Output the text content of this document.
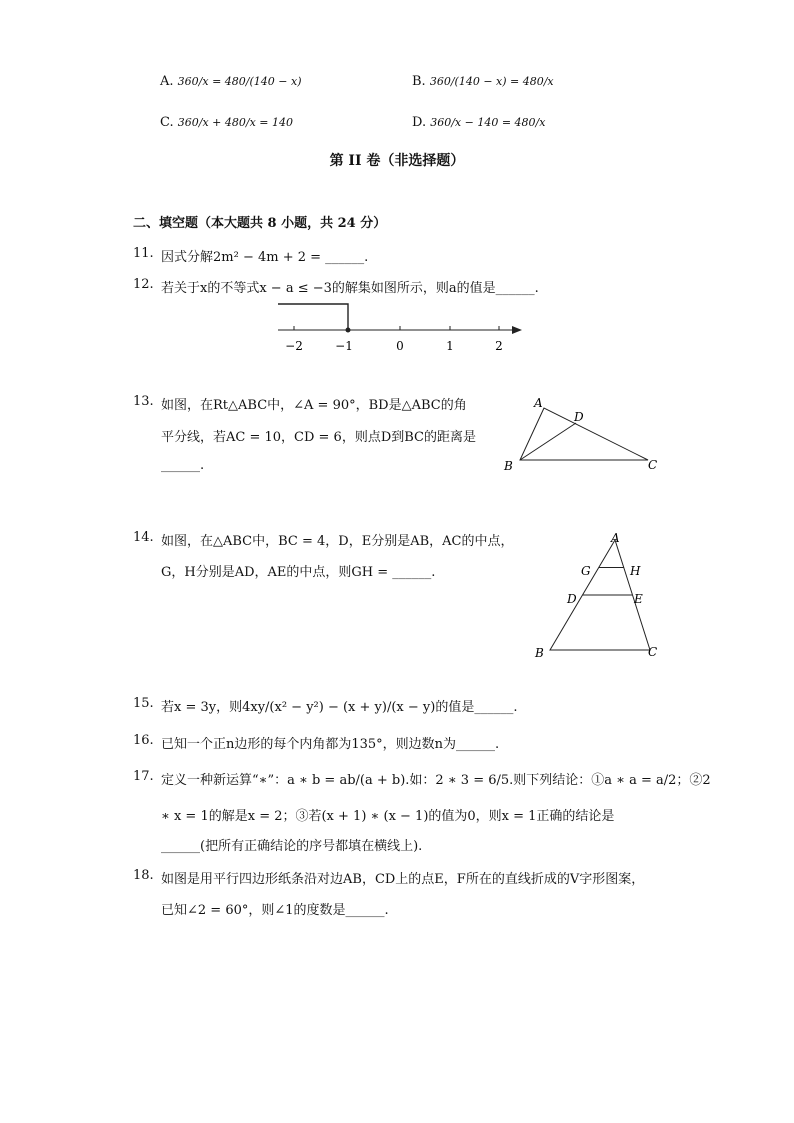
A. 360/x = 480/(140 − x)	B. 360/(140 − x) = 480/x
C. 360/x + 480/x = 140	D. 360/x − 140 = 480/x
第 II 卷（非选择题）
二、填空题（本大题共 8 小题，共 24 分）
11. 因式分解2m² − 4m + 2 = ______.
12. 若关于x的不等式x − a ≤ −3的解集如图所示，则a的值是______.
−2	−1	0	1	2
13. 如图，在Rt△ABC中，∠A = 90°，BD是△ABC的角
平分线，若AC = 10，CD = 6，则点D到BC的距离是
______.
A
D
B	C
14. 如图，在△ABC中，BC = 4，D，E分别是AB，AC的中点，
G，H分别是AD，AE的中点，则GH = ______.
A
G	H
D	E
B	C
15. 若x = 3y，则4xy/(x² − y²) − (x + y)/(x − y)的值是______.
16. 已知一个正n边形的每个内角都为135°，则边数n为______.
17. 定义一种新运算“∗”：a ∗ b = ab/(a + b).如：2 ∗ 3 = 6/5.则下列结论：①a ∗ a = a/2；②2
∗ x = 1的解是x = 2；③若(x + 1) ∗ (x − 1)的值为0，则x = 1正确的结论是
______(把所有正确结论的序号都填在横线上).
18. 如图是用平行四边形纸条沿对边AB，CD上的点E，F所在的直线折成的V字形图案，
已知∠2 = 60°，则∠1的度数是______.
